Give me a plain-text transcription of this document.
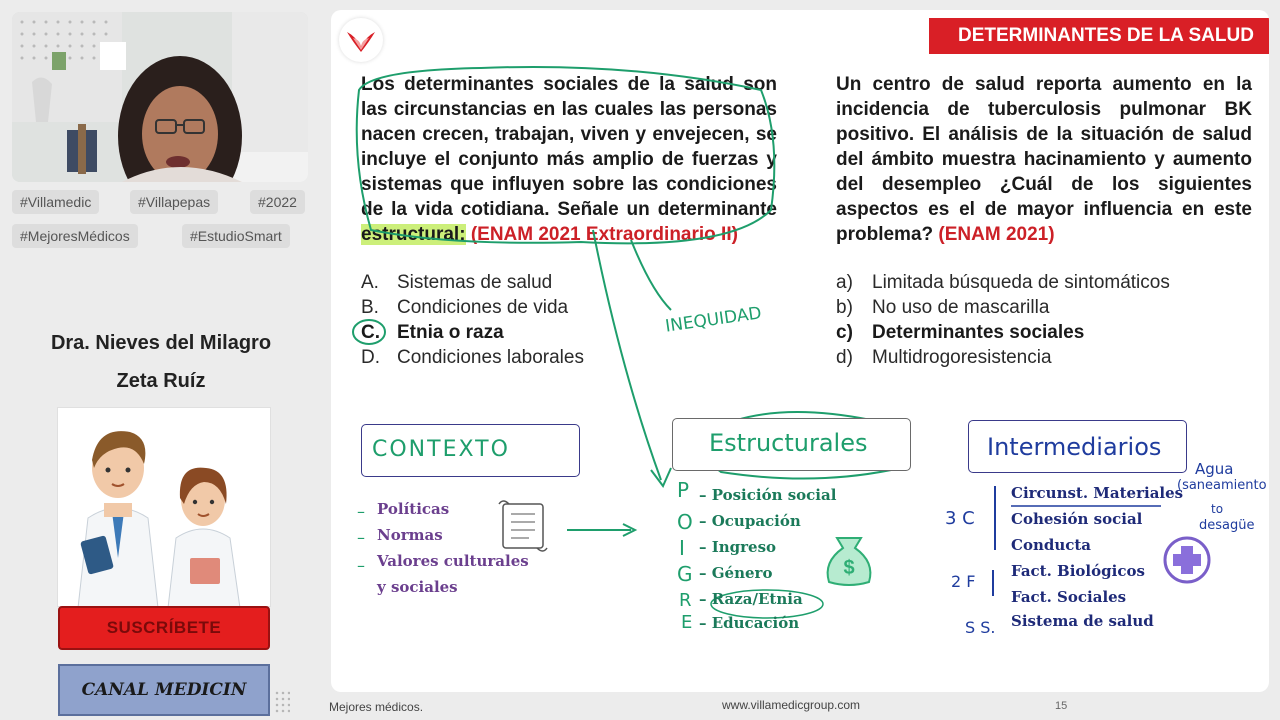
#Villamedic	#Villapepas	#2022
#MejoresMédicos	#EstudioSmart
Dra. Nieves del Milagro
Zeta Ruíz
SUSCRÍBETE
CANAL MEDICIN
DETERMINANTES DE LA SALUD
Los determinantes sociales de la salud son las circunstancias en las cuales las personas nacen crecen, trabajan, viven y envejecen, se incluye el conjunto más amplio de fuerzas y sistemas que influyen sobre las condiciones de la vida cotidiana. Señale un determinante estructural: (ENAM 2021 Extraordinario II)
A. Sistemas de salud
B. Condiciones de vida
C. Etnia o raza
D. Condiciones laborales
Un centro de salud reporta aumento en la incidencia de tuberculosis pulmonar BK positivo. El análisis de la situación de salud del ámbito muestra hacinamiento y aumento del desempleo ¿Cuál de los siguientes aspectos es el de mayor influencia en este problema? (ENAM 2021)
a)	Limitada búsqueda de sintomáticos
b)	No uso de mascarilla
c)	Determinantes sociales
d)	Multidrogoresistencia
$
INEQUIDAD
CONTEXTO	Estructurales	Intermediarios
Políticas
Normas
Valores culturales
y sociales
–
–
–
P – Posición social
O – Ocupación
I – Ingreso
G – Género
R – Raza/Etnia
E – Educación
3 C
2 F
S S.
Circunst. Materiales
Cohesión social
Conducta
Fact. Biológicos
Fact. Sociales
Sistema de salud
Agua
(saneamiento
to
desagüe
Mejores médicos.	www.villamedicgroup.com	15
